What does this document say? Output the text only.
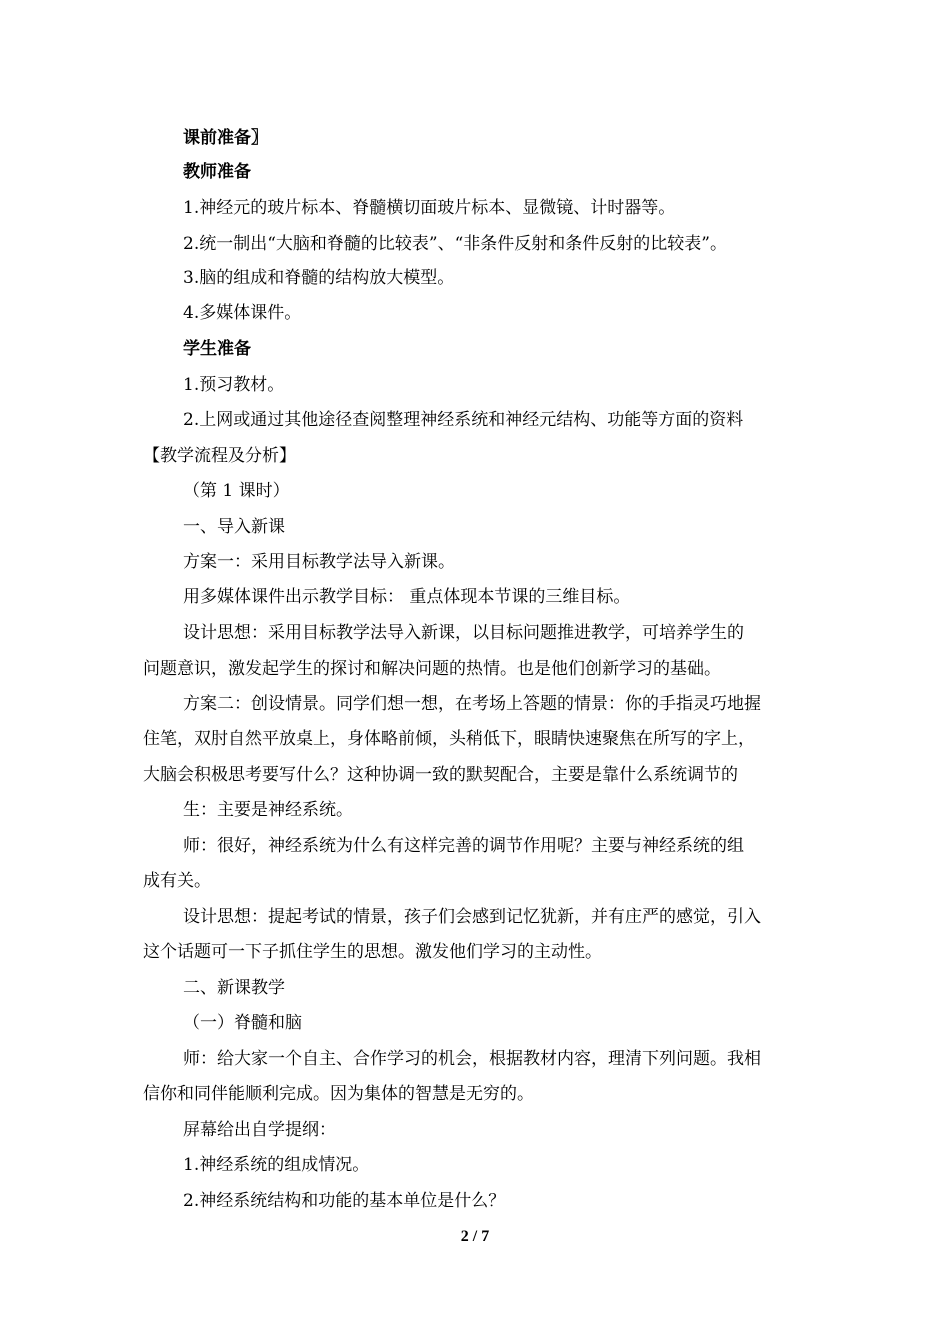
课前准备〗
教师准备
1.神经元的玻片标本、脊髓横切面玻片标本、显微镜、计时器等。
2.统一制出“大脑和脊髓的比较表”、“非条件反射和条件反射的比较表”。
3.脑的组成和脊髓的结构放大模型。
4.多媒体课件。
学生准备
1.预习教材。
2.上网或通过其他途径查阅整理神经系统和神经元结构、功能等方面的资料
【教学流程及分析】
（第 1 课时）
一、导入新课
方案一：采用目标教学法导入新课。
用多媒体课件出示教学目标： 重点体现本节课的三维目标。
设计思想：采用目标教学法导入新课，以目标问题推进教学，可培养学生的
问题意识，激发起学生的探讨和解决问题的热情。也是他们创新学习的基础。
方案二：创设情景。同学们想一想，在考场上答题的情景：你的手指灵巧地握
住笔，双肘自然平放桌上，身体略前倾，头稍低下，眼睛快速聚焦在所写的字上，
大脑会积极思考要写什么？这种协调一致的默契配合，主要是靠什么系统调节的
生：主要是神经系统。
师：很好，神经系统为什么有这样完善的调节作用呢？主要与神经系统的组
成有关。
设计思想：提起考试的情景，孩子们会感到记忆犹新，并有庄严的感觉，引入
这个话题可一下子抓住学生的思想。激发他们学习的主动性。
二、新课教学
（一）脊髓和脑
师：给大家一个自主、合作学习的机会，根据教材内容，理清下列问题。我相
信你和同伴能顺利完成。因为集体的智慧是无穷的。
屏幕给出自学提纲：
1.神经系统的组成情况。
2.神经系统结构和功能的基本单位是什么？
2 / 7
